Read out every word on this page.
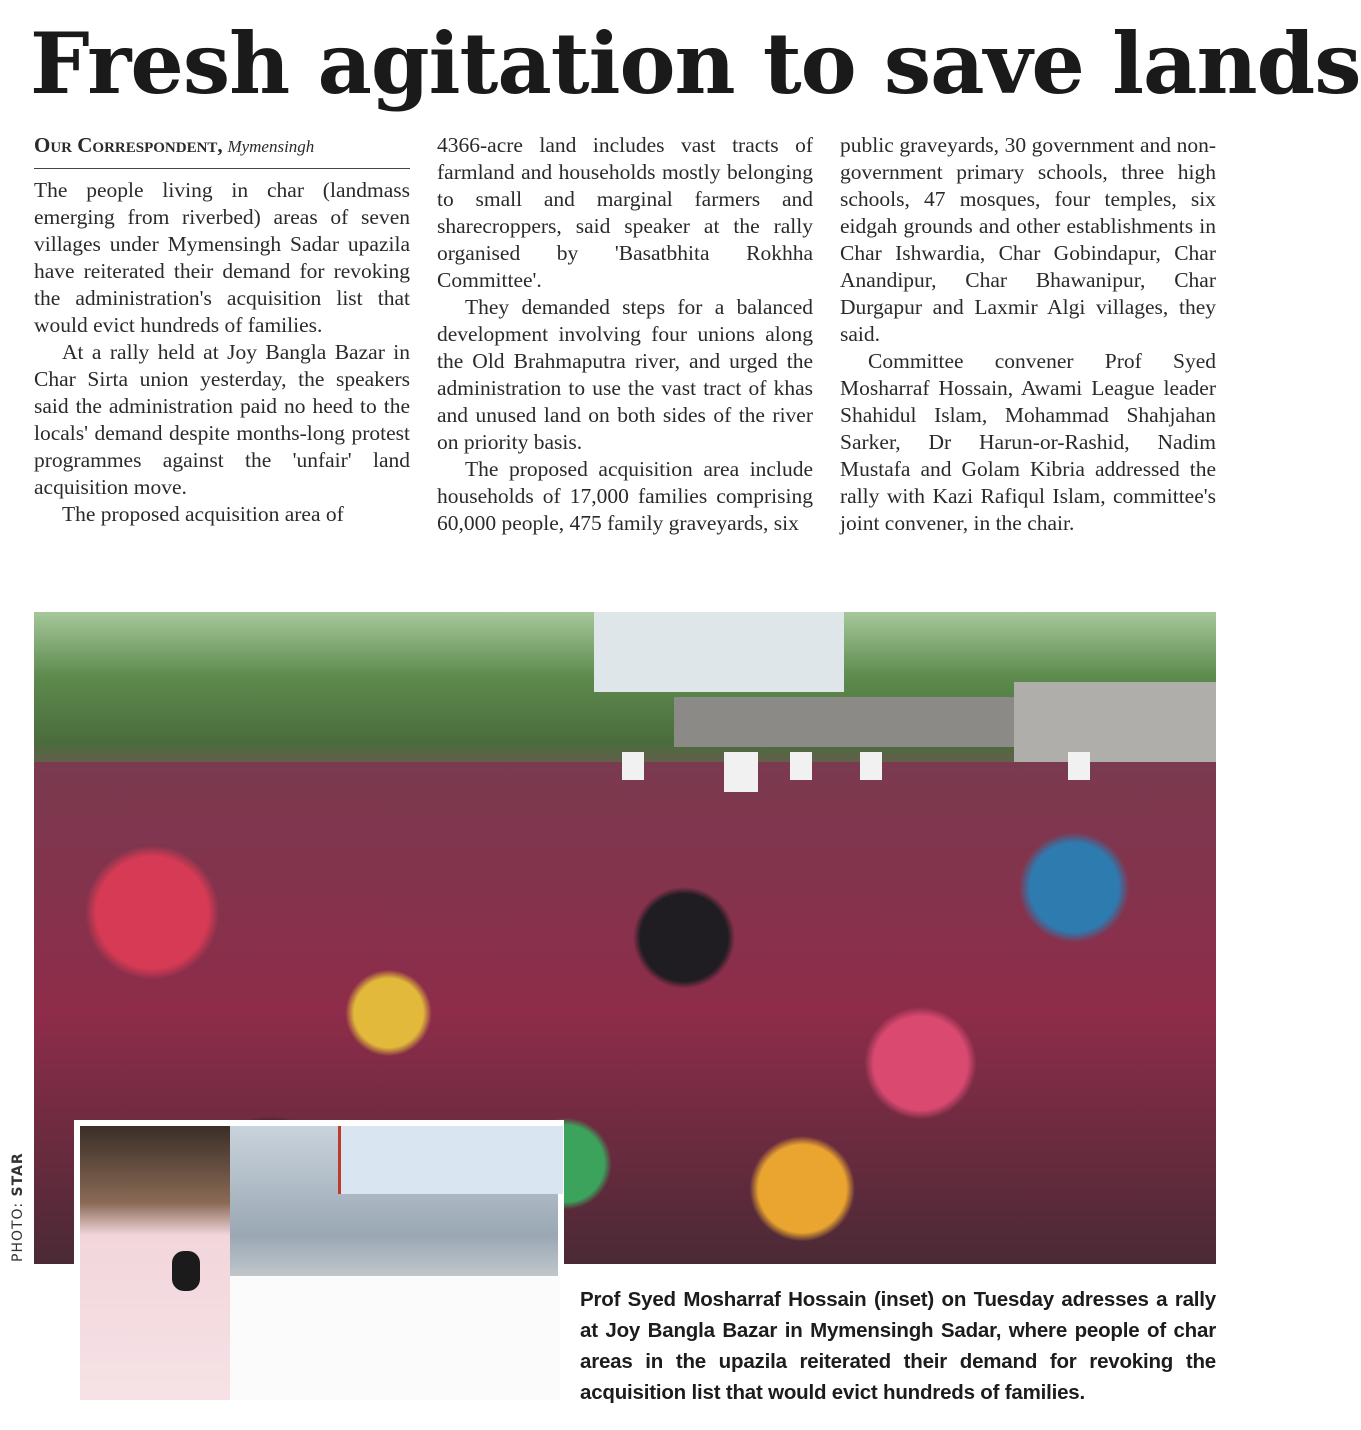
Fresh agitation to save lands
Our Correspondent, Mymensingh

The people living in char (landmass emerging from riverbed) areas of seven villages under Mymensingh Sadar upazila have reiterated their demand for revoking the administration's acquisition list that would evict hundreds of families.

At a rally held at Joy Bangla Bazar in Char Sirta union yesterday, the speakers said the administration paid no heed to the locals' demand despite months-long protest programmes against the 'unfair' land acquisition move.

The proposed acquisition area of

4366-acre land includes vast tracts of farmland and households mostly belonging to small and marginal farmers and sharecroppers, said speaker at the rally organised by 'Basatbhita Rokhha Committee'.

They demanded steps for a balanced development involving four unions along the Old Brahmaputra river, and urged the administration to use the vast tract of khas and unused land on both sides of the river on priority basis.

The proposed acquisition area include households of 17,000 families comprising 60,000 people, 475 family graveyards, six

public graveyards, 30 government and non-government primary schools, three high schools, 47 mosques, four temples, six eidgah grounds and other establishments in Char Ishwardia, Char Gobindapur, Char Anandipur, Char Bhawanipur, Char Durgapur and Laxmir Algi villages, they said.

Committee convener Prof Syed Mosharraf Hossain, Awami League leader Shahidul Islam, Mohammad Shahjahan Sarker, Dr Harun-or-Rashid, Nadim Mustafa and Golam Kibria addressed the rally with Kazi Rafiqul Islam, committee's joint convener, in the chair.

PHOTO: STAR

Prof Syed Mosharraf Hossain (inset) on Tuesday adresses a rally at Joy Bangla Bazar in Mymensingh Sadar, where people of char areas in the upazila reiterated their demand for revoking the acquisition list that would evict hundreds of families.
